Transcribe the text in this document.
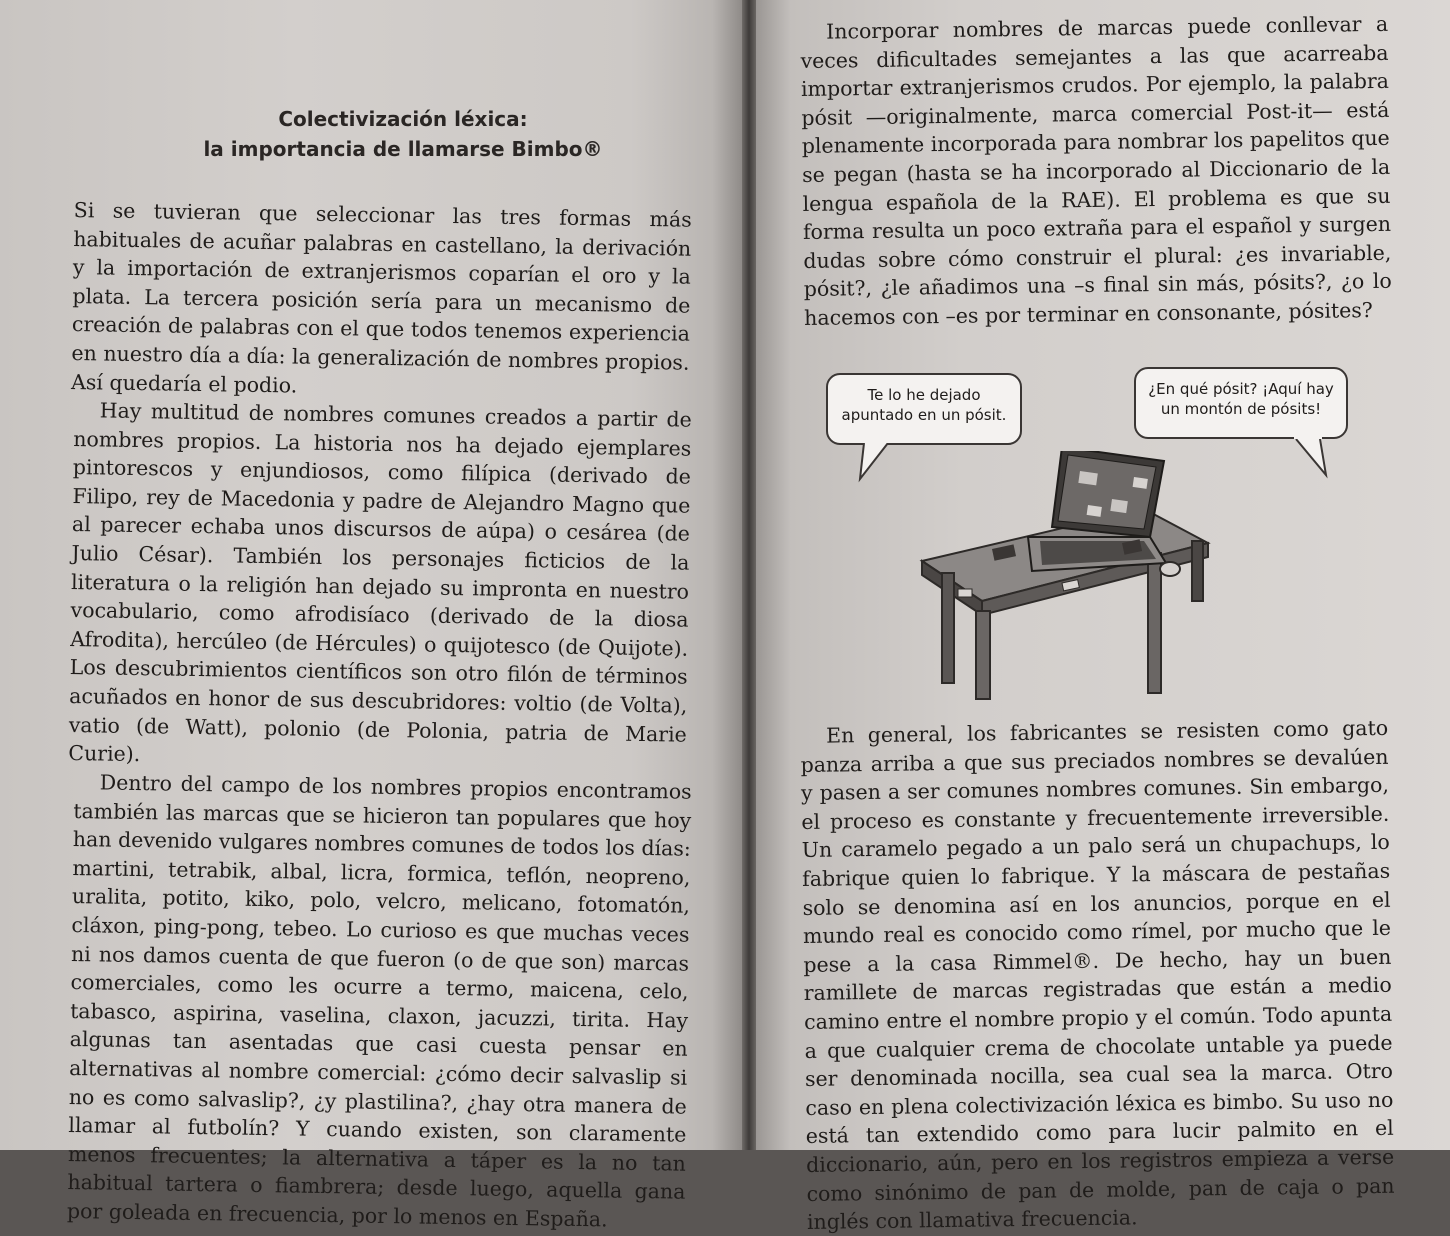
Colectivización léxica:
la importancia de llamarse Bimbo®

Si se tuvieran que seleccionar las tres formas más habituales de acuñar palabras en castellano, la derivación y la importación de extranjerismos coparían el oro y la plata. La tercera posición sería para un mecanismo de creación de palabras con el que todos tenemos experiencia en nuestro día a día: la generalización de nombres propios. Así quedaría el podio.

Hay multitud de nombres comunes creados a partir de nombres propios. La historia nos ha dejado ejemplares pintorescos y enjundiosos, como filípica (derivado de Filipo, rey de Macedonia y padre de Alejandro Magno que al parecer echaba unos discursos de aúpa) o cesárea (de Julio César). También los personajes ficticios de la literatura o la religión han dejado su impronta en nuestro vocabulario, como afrodisíaco (derivado de la diosa Afrodita), hercúleo (de Hércules) o quijotesco (de Quijote). Los descubrimientos científicos son otro filón de términos acuñados en honor de sus descubridores: voltio (de Volta), vatio (de Watt), polonio (de Polonia, patria de Marie Curie).

Dentro del campo de los nombres propios encontramos también las marcas que se hicieron tan populares que hoy han devenido vulgares nombres comunes de todos los días: martini, tetrabik, albal, licra, formica, teflón, neopreno, uralita, potito, kiko, polo, velcro, melicano, fotomatón, cláxon, ping-pong, tebeo. Lo curioso es que muchas veces ni nos damos cuenta de que fueron (o de que son) marcas comerciales, como les ocurre a termo, maicena, celo, tabasco, aspirina, vaselina, claxon, jacuzzi, tirita. Hay algunas tan asentadas que casi cuesta pensar en alternativas al nombre comercial: ¿cómo decir salvaslip si no es como salvaslip?, ¿y plastilina?, ¿hay otra manera de llamar al futbolín? Y cuando existen, son claramente menos frecuentes; la alternativa a táper es la no tan habitual tartera o fiambrera; desde luego, aquella gana por goleada en frecuencia, por lo menos en España.

Incorporar nombres de marcas puede conllevar a veces dificultades semejantes a las que acarreaba importar extranjerismos crudos. Por ejemplo, la palabra pósit —originalmente, marca comercial Post-it— está plenamente incorporada para nombrar los papelitos que se pegan (hasta se ha incorporado al Diccionario de la lengua española de la RAE). El problema es que su forma resulta un poco extraña para el español y surgen dudas sobre cómo construir el plural: ¿es invariable, pósit?, ¿le añadimos una –s final sin más, pósits?, ¿o lo hacemos con –es por terminar en consonante, pósites?

Te lo he dejado apuntado en un pósit.
¿En qué pósit? ¡Aquí hay un montón de pósits!

En general, los fabricantes se resisten como gato panza arriba a que sus preciados nombres se devalúen y pasen a ser comunes nombres comunes. Sin embargo, el proceso es constante y frecuentemente irreversible. Un caramelo pegado a un palo será un chupachups, lo fabrique quien lo fabrique. Y la máscara de pestañas solo se denomina así en los anuncios, porque en el mundo real es conocido como rímel, por mucho que le pese a la casa Rimmel®. De hecho, hay un buen ramillete de marcas registradas que están a medio camino entre el nombre propio y el común. Todo apunta a que cualquier crema de chocolate untable ya puede ser denominada nocilla, sea cual sea la marca. Otro caso en plena colectivización léxica es bimbo. Su uso no está tan extendido como para lucir palmito en el diccionario, aún, pero en los registros empieza a verse como sinónimo de pan de molde, pan de caja o pan inglés con llamativa frecuencia.
